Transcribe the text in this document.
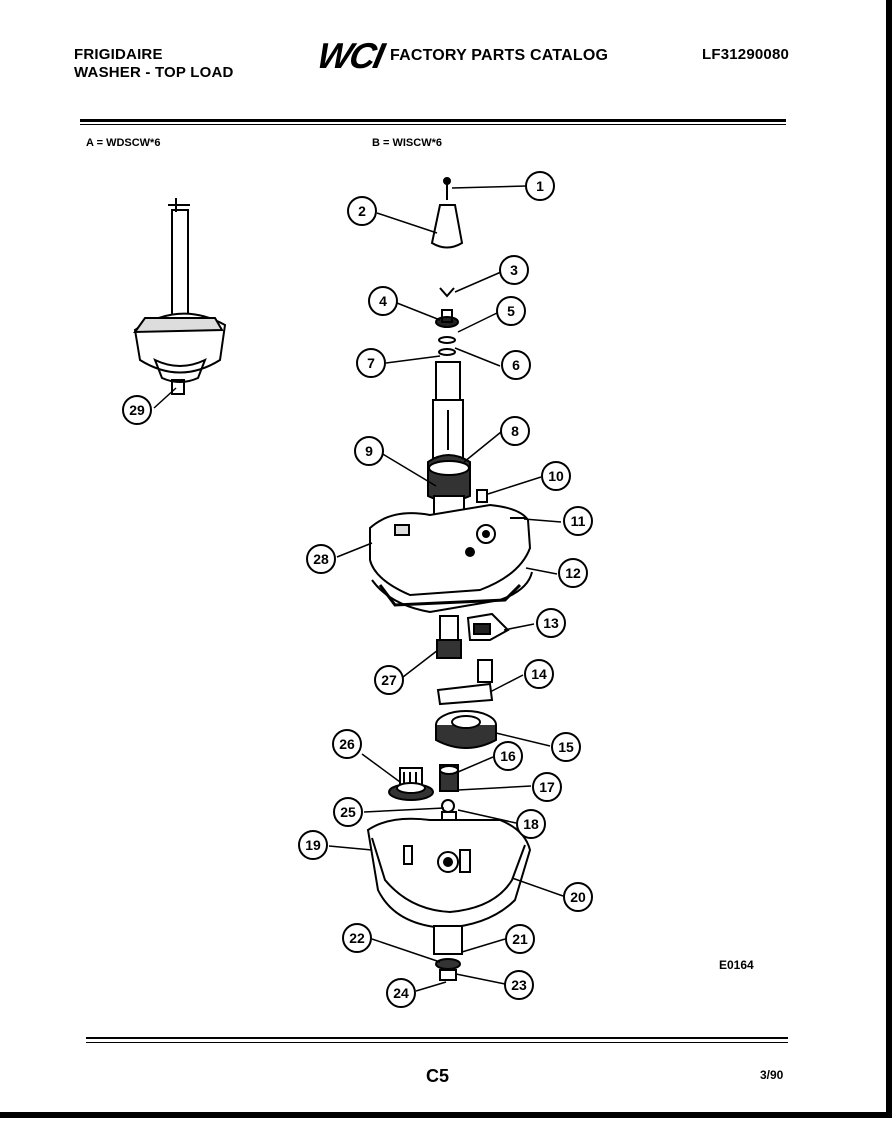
FRIGIDAIRE
WASHER - TOP LOAD WCI FACTORY PARTS CATALOG	LF31290080
A = WDSCW*6	B = WISCW*6
1
2
3
4
5
6
7
8
9
10
11
12
13
14
15
16
17
18
19
20
21
22
23
24
25
26
27
28
29
E0164
C5	3/90
